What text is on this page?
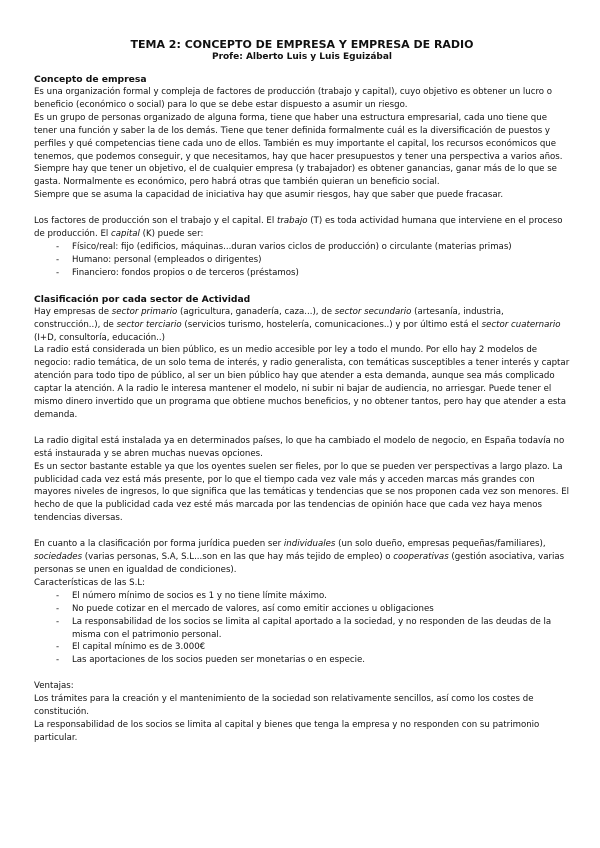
TEMA 2: CONCEPTO DE EMPRESA Y EMPRESA DE RADIO
Profe: Alberto Luis y Luis Eguizábal
Concepto de empresa

Es una organización formal y compleja de factores de producción (trabajo y capital), cuyo objetivo es obtener un lucro o beneficio (económico o social) para lo que se debe estar dispuesto a asumir un riesgo.

Es un grupo de personas organizado de alguna forma, tiene que haber una estructura empresarial, cada uno tiene que tener una función y saber la de los demás. Tiene que tener definida formalmente cuál es la diversificación de puestos y perfiles y qué competencias tiene cada uno de ellos. También es muy importante el capital, los recursos económicos que tenemos, que podemos conseguir, y que necesitamos, hay que hacer presupuestos y tener una perspectiva a varios años.

Siempre hay que tener un objetivo, el de cualquier empresa (y trabajador) es obtener ganancias, ganar más de lo que se gasta. Normalmente es económico, pero habrá otras que también quieran un beneficio social.

Siempre que se asuma la capacidad de iniciativa hay que asumir riesgos, hay que saber que puede fracasar.

Los factores de producción son el trabajo y el capital. El trabajo (T) es toda actividad humana que interviene en el proceso de producción. El capital (K) puede ser:

- Físico/real: fijo (edificios, máquinas...duran varios ciclos de producción) o circulante (materias primas)
- Humano: personal (empleados o dirigentes)
- Financiero: fondos propios o de terceros (préstamos)
Clasificación por cada sector de Actividad

Hay empresas de sector primario (agricultura, ganadería, caza...), de sector secundario (artesanía, industria, construcción..), de sector terciario (servicios turismo, hostelería, comunicaciones..) y por último está el sector cuaternario (I+D, consultoría, educación..)

La radio está considerada un bien público, es un medio accesible por ley a todo el mundo. Por ello hay 2 modelos de negocio: radio temática, de un solo tema de interés, y radio generalista, con temáticas susceptibles a tener interés y captar atención para todo tipo de público, al ser un bien público hay que atender a esta demanda, aunque sea más complicado captar la atención. A la radio le interesa mantener el modelo, ni subir ni bajar de audiencia, no arriesgar. Puede tener el mismo dinero invertido que un programa que obtiene muchos beneficios, y no obtener tantos, pero hay que atender a esta demanda.

La radio digital está instalada ya en determinados países, lo que ha cambiado el modelo de negocio, en España todavía no está instaurada y se abren muchas nuevas opciones.

Es un sector bastante estable ya que los oyentes suelen ser fieles, por lo que se pueden ver perspectivas a largo plazo. La publicidad cada vez está más presente, por lo que el tiempo cada vez vale más y acceden marcas más grandes con mayores niveles de ingresos, lo que significa que las temáticas y tendencias que se nos proponen cada vez son menores. El hecho de que la publicidad cada vez esté más marcada por las tendencias de opinión hace que cada vez haya menos tendencias diversas.

En cuanto a la clasificación por forma jurídica pueden ser individuales (un solo dueño, empresas pequeñas/familiares), sociedades (varias personas, S.A, S.L...son en las que hay más tejido de empleo) o cooperativas (gestión asociativa, varias personas se unen en igualdad de condiciones).

Características de las S.L:

- El número mínimo de socios es 1 y no tiene límite máximo.
- No puede cotizar en el mercado de valores, así como emitir acciones u obligaciones
- La responsabilidad de los socios se limita al capital aportado a la sociedad, y no responden de las deudas de la misma con el patrimonio personal.
- El capital mínimo es de 3.000€
- Las aportaciones de los socios pueden ser monetarias o en especie.

Ventajas:

Los trámites para la creación y el mantenimiento de la sociedad son relativamente sencillos, así como los costes de constitución.

La responsabilidad de los socios se limita al capital y bienes que tenga la empresa y no responden con su patrimonio particular.
